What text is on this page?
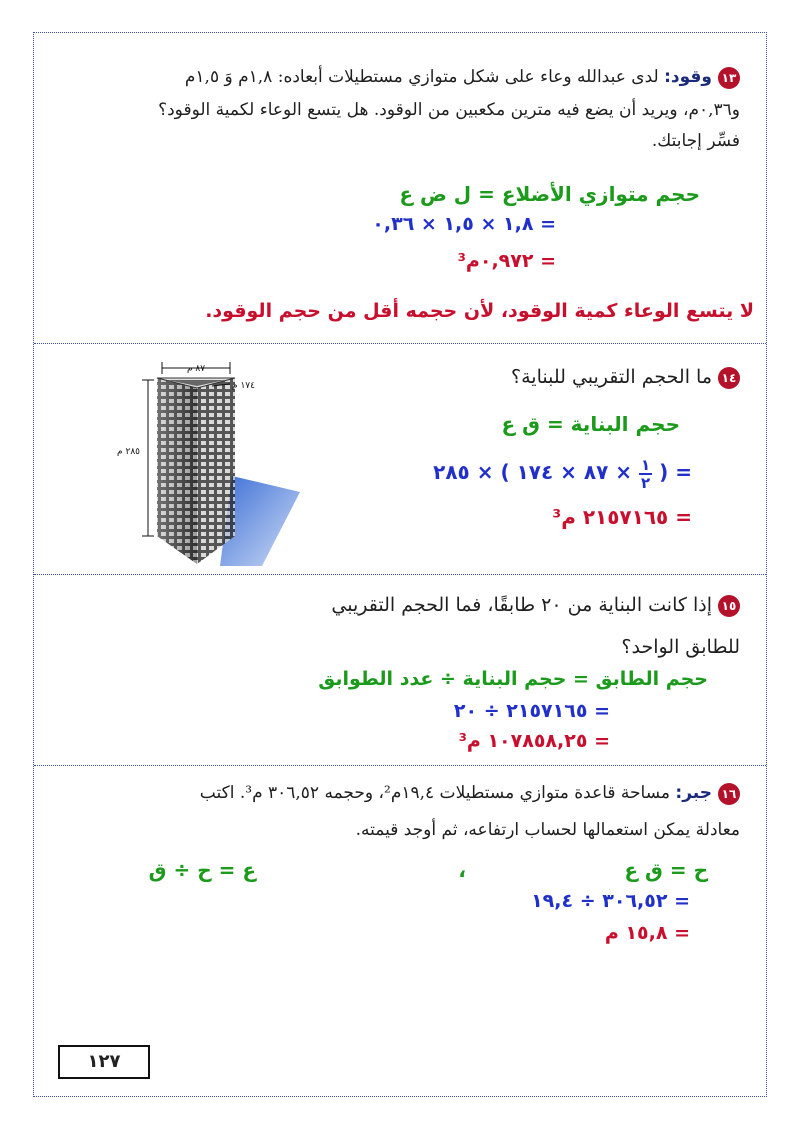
١٣وقود: لدى عبدالله وعاء على شكل متوازي مستطيلات أبعاده: ١,٨م وَ ١,٥م
و٠,٣٦م، ويريد أن يضع فيه مترين مكعبين من الوقود. هل يتسع الوعاء لكمية الوقود؟
فسِّر إجابتك.
حجم متوازي الأضلاع = ل ض ع
= ١,٨ × ١,٥ × ٠,٣٦
= ٠,٩٧٢م³
لا يتسع الوعاء كمية الوقود، لأن حجمه أقل من حجم الوقود.
١٤ما الحجم التقريبي للبناية؟
حجم البناية = ق ع
= (
١
٢
× ٨٧ × ١٧٤ ) × ٢٨٥
= ٢١٥٧١٦٥ م³
٨٧ م
١٧٤ م
٢٨٥ م
١٥إذا كانت البناية من ٢٠ طابقًا، فما الحجم التقريبي
للطابق الواحد؟
حجم الطابق = حجم البناية ÷ عدد الطوابق
= ٢١٥٧١٦٥ ÷ ٢٠
= ١٠٧٨٥٨,٢٥ م³
١٦جبر: مساحة قاعدة متوازي مستطيلات ١٩,٤م²، وحجمه ٣٠٦,٥٢ م³. اكتب
معادلة يمكن استعمالها لحساب ارتفاعه، ثم أوجد قيمته.
ح = ق ع
،
ع = ح ÷ ق
= ٣٠٦,٥٢ ÷ ١٩,٤
= ١٥,٨ م
١٢٧
